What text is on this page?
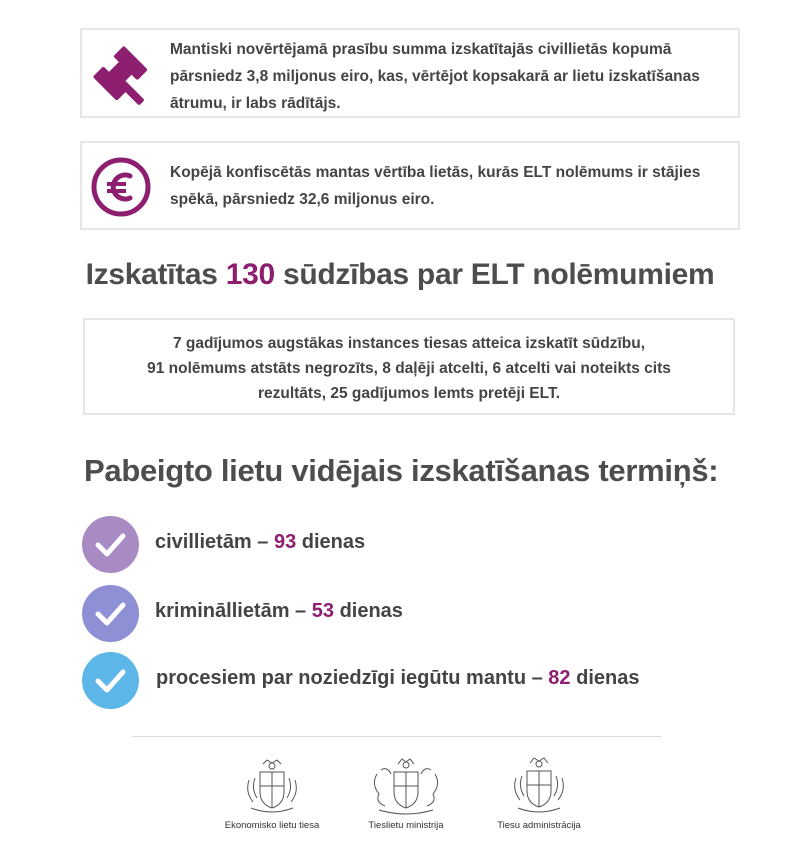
Mantiski novērtējamā prasību summa izskatītajās civillietās kopumā pārsniedz 3,8 miljonus eiro, kas, vērtējot kopsakarā ar lietu izskatīšanas ātrumu, ir labs rādītājs.
Kopējā konfiscētās mantas vērtība lietās, kurās ELT nolēmums ir stājies spēkā, pārsniedz 32,6 miljonus eiro.
Izskatītas 130 sūdzības par ELT nolēmumiem
7 gadījumos augstākas instances tiesas atteica izskatīt sūdzību,
91 nolēmums atstāts negrozīts, 8 daļēji atcelti, 6 atcelti vai noteikts cits
rezultāts, 25 gadījumos lemts pretēji ELT.
Pabeigto lietu vidējais izskatīšanas termiņš:
civillietām – 93 dienas
krimināllietām – 53 dienas
procesiem par noziedzīgi iegūtu mantu – 82 dienas
Ekonomisko lietu tiesa	Tieslietu ministrija	Tiesu administrācija
